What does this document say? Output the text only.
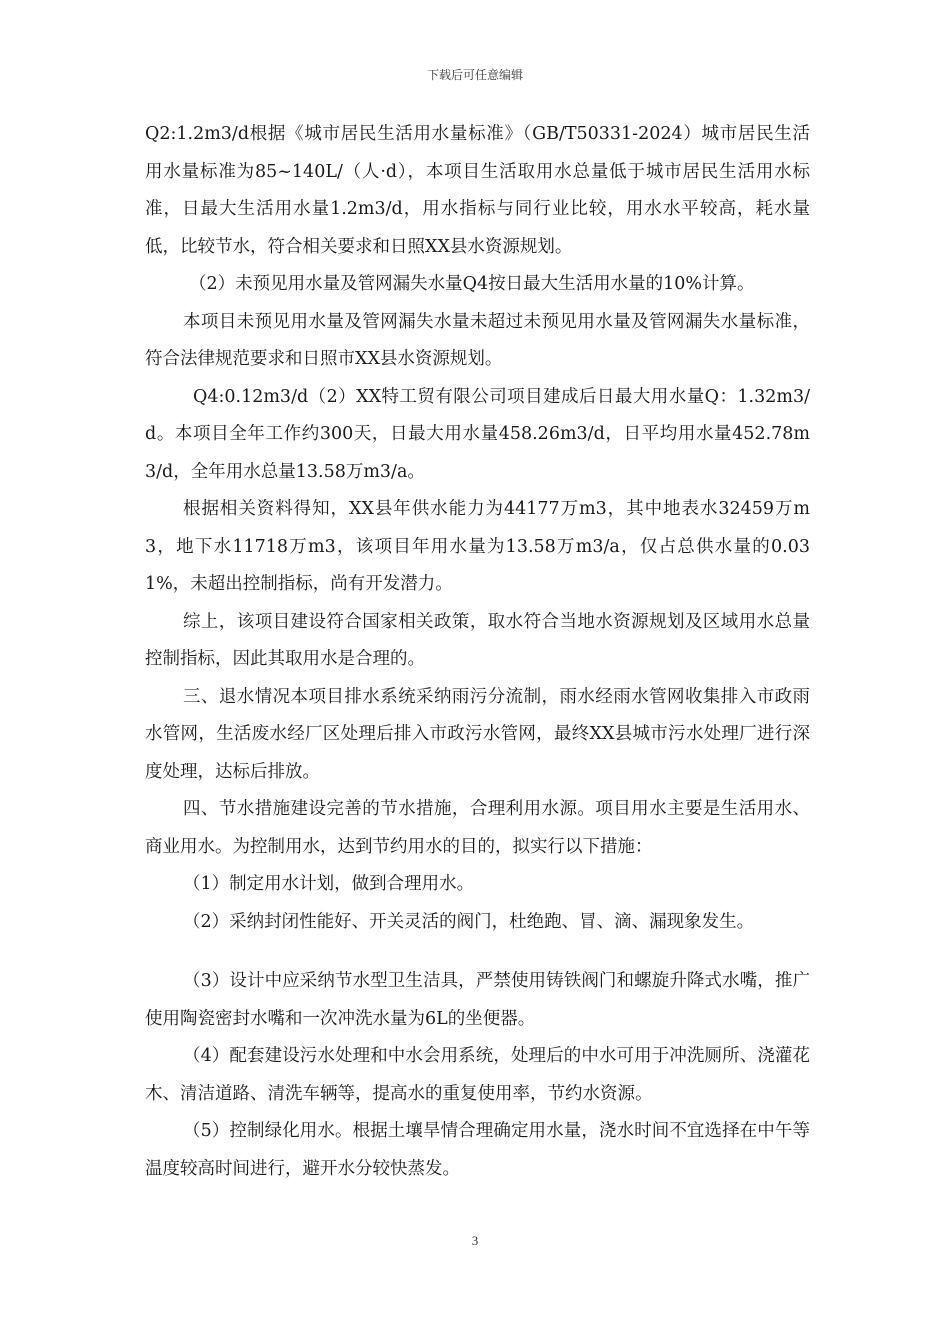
下载后可任意编辑

Q2:1.2m3/d根据《城市居民生活用水量标准》（GB/T50331-2024）城市居民生活用水量标准为85~140L/（人·d），本项目生活取用水总量低于城市居民生活用水标准，日最大生活用水量1.2m3/d，用水指标与同行业比较，用水水平较高，耗水量低，比较节水，符合相关要求和日照XX县水资源规划。

（2）未预见用水量及管网漏失水量Q4按日最大生活用水量的10%计算。

本项目未预见用水量及管网漏失水量未超过未预见用水量及管网漏失水量标准，符合法律规范要求和日照市XX县水资源规划。

Q4:0.12m3/d（2）XX特工贸有限公司项目建成后日最大用水量Q：1.32m3/d。本项目全年工作约300天，日最大用水量458.26m3/d，日平均用水量452.78m3/d，全年用水总量13.58万m3/a。

根据相关资料得知，XX县年供水能力为44177万m3，其中地表水32459万m3，地下水11718万m3，该项目年用水量为13.58万m3/a，仅占总供水量的0.031%，未超出控制指标，尚有开发潜力。

综上，该项目建设符合国家相关政策，取水符合当地水资源规划及区域用水总量控制指标，因此其取用水是合理的。

三、退水情况本项目排水系统采纳雨污分流制，雨水经雨水管网收集排入市政雨水管网，生活废水经厂区处理后排入市政污水管网，最终XX县城市污水处理厂进行深度处理，达标后排放。

四、节水措施建设完善的节水措施，合理利用水源。项目用水主要是生活用水、商业用水。为控制用水，达到节约用水的目的，拟实行以下措施：

（1）制定用水计划，做到合理用水。

（2）采纳封闭性能好、开关灵活的阀门，杜绝跑、冒、滴、漏现象发生。

（3）设计中应采纳节水型卫生洁具，严禁使用铸铁阀门和螺旋升降式水嘴，推广使用陶瓷密封水嘴和一次冲洗水量为6L的坐便器。

（4）配套建设污水处理和中水会用系统，处理后的中水可用于冲洗厕所、浇灌花木、清洁道路、清洗车辆等，提高水的重复使用率，节约水资源。

（5）控制绿化用水。根据土壤旱情合理确定用水量，浇水时间不宜选择在中午等温度较高时间进行，避开水分较快蒸发。

3
